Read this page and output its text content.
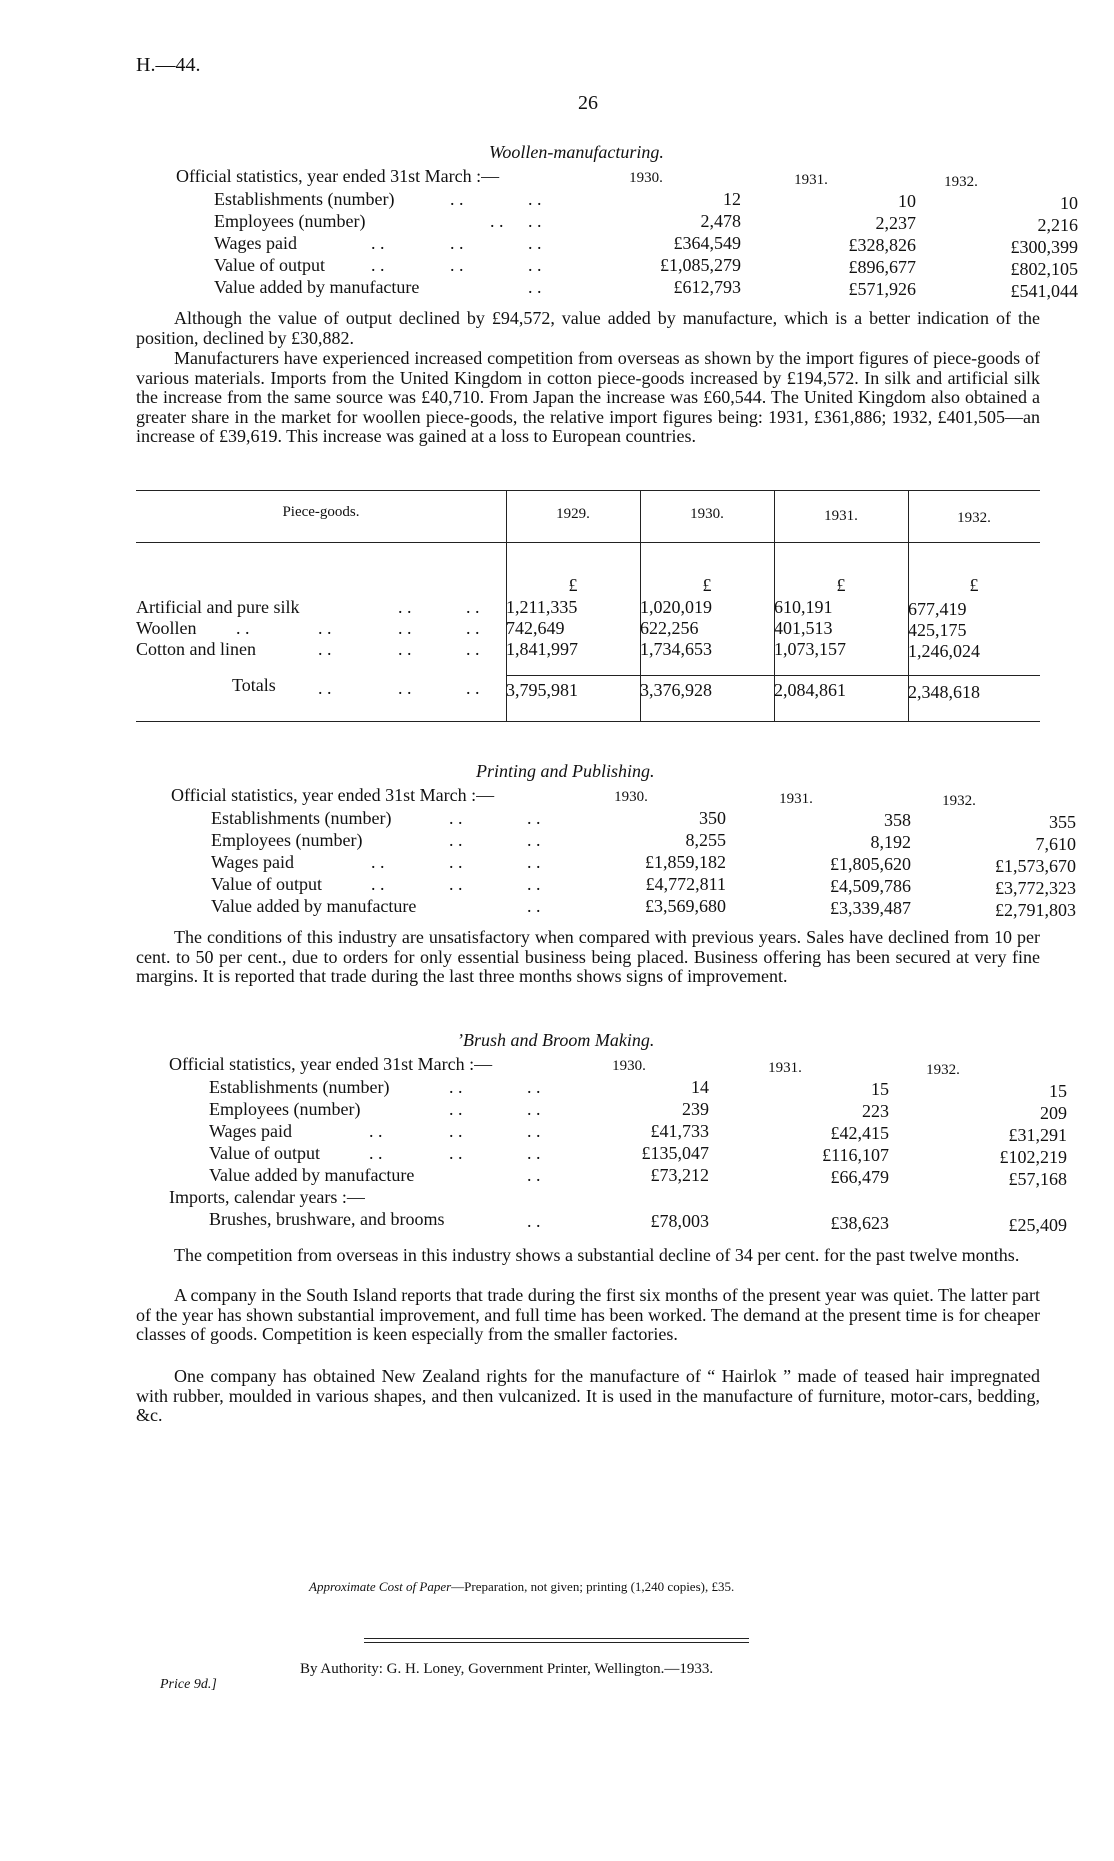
H.—44.
26
Woollen-manufacturing.
Official statistics, year ended 31st March :—	1930.	1931.	1932.
Establishments (number)	. .	. .	12	10	10
Employees (number)	. . . .	2,478	2,237	2,216
Wages paid	. .	. .	. .	£364,549	£328,826	£300,399
Value of output	. .	. .	. .	£1,085,279	£896,677	£802,105
Value added by manufacture	. .	£612,793	£571,926	£541,044
Although the value of output declined by £94,572, value added by manufacture, which is a better indication of the position, declined by £30,882.
Manufacturers have experienced increased competition from overseas as shown by the import figures of piece-goods of various materials. Imports from the United Kingdom in cotton piece-goods increased by £194,572. In silk and artificial silk the increase from the same source was £40,710. From Japan the increase was £60,544. The United Kingdom also obtained a greater share in the market for woollen piece-goods, the relative import figures being: 1931, £361,886; 1932, £401,505—an increase of £39,619. This increase was gained at a loss to European countries.
Piece-goods.	1929.	1930.	1931.	1932.
£	£	£	£
Artificial and pure silk	. .	. . 1,211,335	1,020,019	610,191	677,419
Woollen . .	. .	. .	. . 742,649	622,256	401,513	425,175
Cotton and linen	. .	. .	. . 1,841,997	1,734,653	1,073,157	1,246,024
Totals . .	. .	. . 3,795,981	3,376,928	2,084,861	2,348,618
Printing and Publishing.
Official statistics, year ended 31st March :—	1930.	1931.	1932.
Establishments (number)	. .	. .	350	358	355
Employees (number)	. .	. .	8,255	8,192	7,610
Wages paid	. .	. .	. .	£1,859,182	£1,805,620	£1,573,670
Value of output	. .	. .	. .	£4,772,811	£4,509,786	£3,772,323
Value added by manufacture	. .	£3,569,680	£3,339,487	£2,791,803
The conditions of this industry are unsatisfactory when compared with previous years. Sales have declined from 10 per cent. to 50 per cent., due to orders for only essential business being placed. Business offering has been secured at very fine margins. It is reported that trade during the last three months shows signs of improvement.
’Brush and Broom Making.
Official statistics, year ended 31st March :—	1930.	1931.	1932.
Establishments (number)	. .	. .	14	15	15
Employees (number)	. .	. .	239	223	209
Wages paid	. .	. .	. .	£41,733	£42,415	£31,291
Value of output	. .	. .	. .	£135,047	£116,107	£102,219
Value added by manufacture	. .	£73,212	£66,479	£57,168
Imports, calendar years :—
Brushes, brushware, and brooms	. .	£78,003	£38,623	£25,409
The competition from overseas in this industry shows a substantial decline of 34 per cent. for the past twelve months.
A company in the South Island reports that trade during the first six months of the present year was quiet. The latter part of the year has shown substantial improvement, and full time has been worked. The demand at the present time is for cheaper classes of goods. Competition is keen especially from the smaller factories.
One company has obtained New Zealand rights for the manufacture of “ Hairlok ” made of teased hair impregnated with rubber, moulded in various shapes, and then vulcanized. It is used in the manufacture of furniture, motor-cars, bedding, &c.
Approximate Cost of Paper—Preparation, not given; printing (1,240 copies), £35.
By Authority: G. H. Loney, Government Printer, Wellington.—1933.
Price 9d.]
